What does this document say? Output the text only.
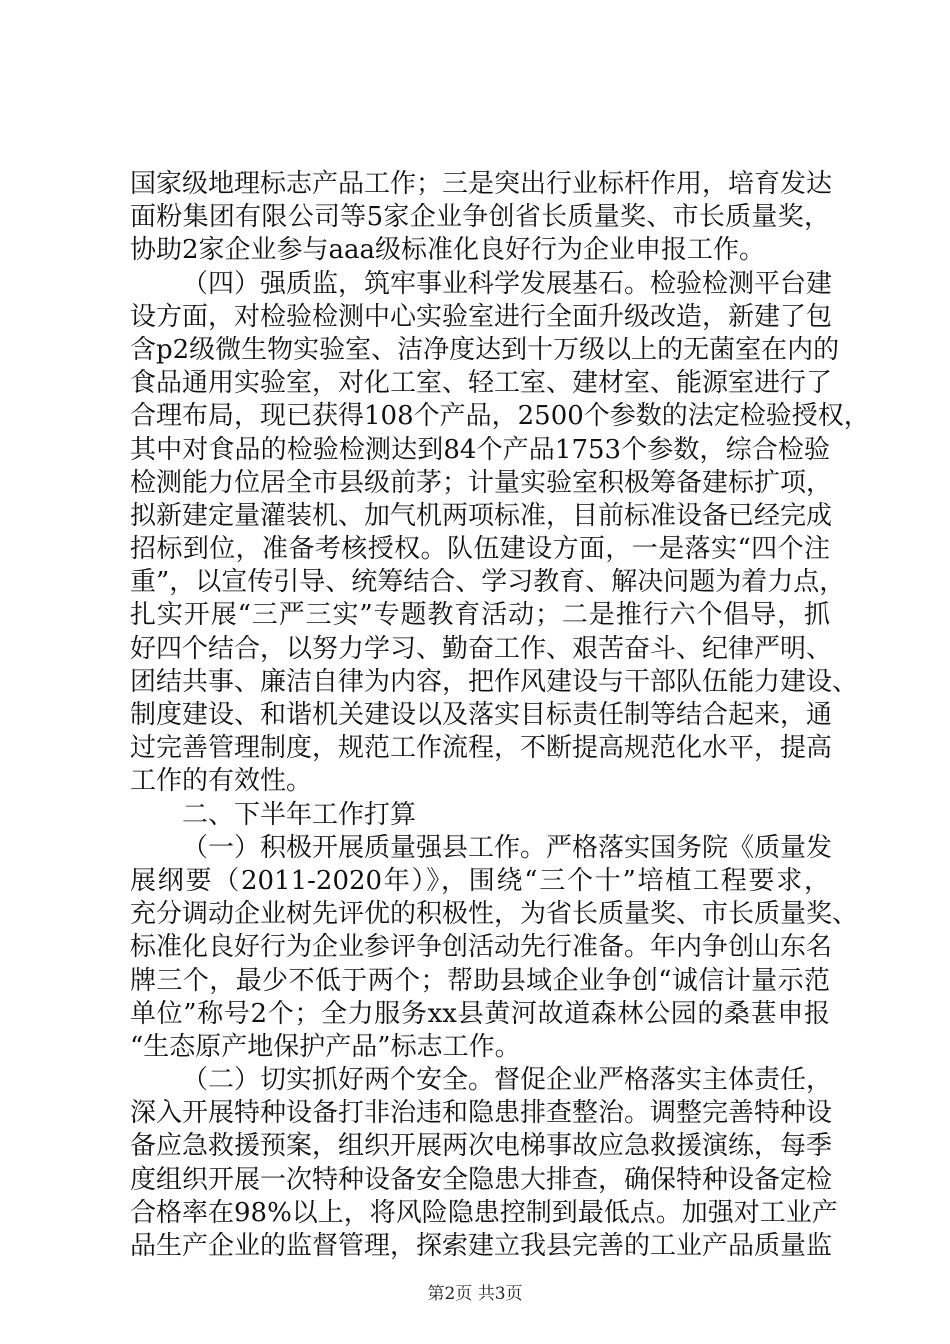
国家级地理标志产品工作；三是突出行业标杆作用，培育发达
面粉集团有限公司等5家企业争创省长质量奖、市长质量奖，
协助2家企业参与aaa级标准化良好行为企业申报工作。
（四）强质监，筑牢事业科学发展基石。检验检测平台建
设方面，对检验检测中心实验室进行全面升级改造，新建了包
含p2级微生物实验室、洁净度达到十万级以上的无菌室在内的
食品通用实验室，对化工室、轻工室、建材室、能源室进行了
合理布局，现已获得108个产品，2500个参数的法定检验授权，
其中对食品的检验检测达到84个产品1753个参数，综合检验
检测能力位居全市县级前茅；计量实验室积极筹备建标扩项，
拟新建定量灌装机、加气机两项标准，目前标准设备已经完成
招标到位，准备考核授权。队伍建设方面，一是落实“四个注
重”，以宣传引导、统筹结合、学习教育、解决问题为着力点，
扎实开展“三严三实”专题教育活动；二是推行六个倡导，抓
好四个结合，以努力学习、勤奋工作、艰苦奋斗、纪律严明、
团结共事、廉洁自律为内容，把作风建设与干部队伍能力建设、
制度建设、和谐机关建设以及落实目标责任制等结合起来，通
过完善管理制度，规范工作流程，不断提高规范化水平，提高
工作的有效性。
二、下半年工作打算
（一）积极开展质量强县工作。严格落实国务院《质量发
展纲要（2011-2020年）》，围绕“三个十”培植工程要求，
充分调动企业树先评优的积极性，为省长质量奖、市长质量奖、
标准化良好行为企业参评争创活动先行准备。年内争创山东名
牌三个，最少不低于两个；帮助县域企业争创“诚信计量示范
单位”称号2个；全力服务xx县黄河故道森林公园的桑葚申报
“生态原产地保护产品”标志工作。
（二）切实抓好两个安全。督促企业严格落实主体责任，
深入开展特种设备打非治违和隐患排查整治。调整完善特种设
备应急救援预案，组织开展两次电梯事故应急救援演练，每季
度组织开展一次特种设备安全隐患大排查，确保特种设备定检
合格率在98%以上，将风险隐患控制到最低点。加强对工业产
品生产企业的监督管理，探索建立我县完善的工业产品质量监
第2页 共3页
